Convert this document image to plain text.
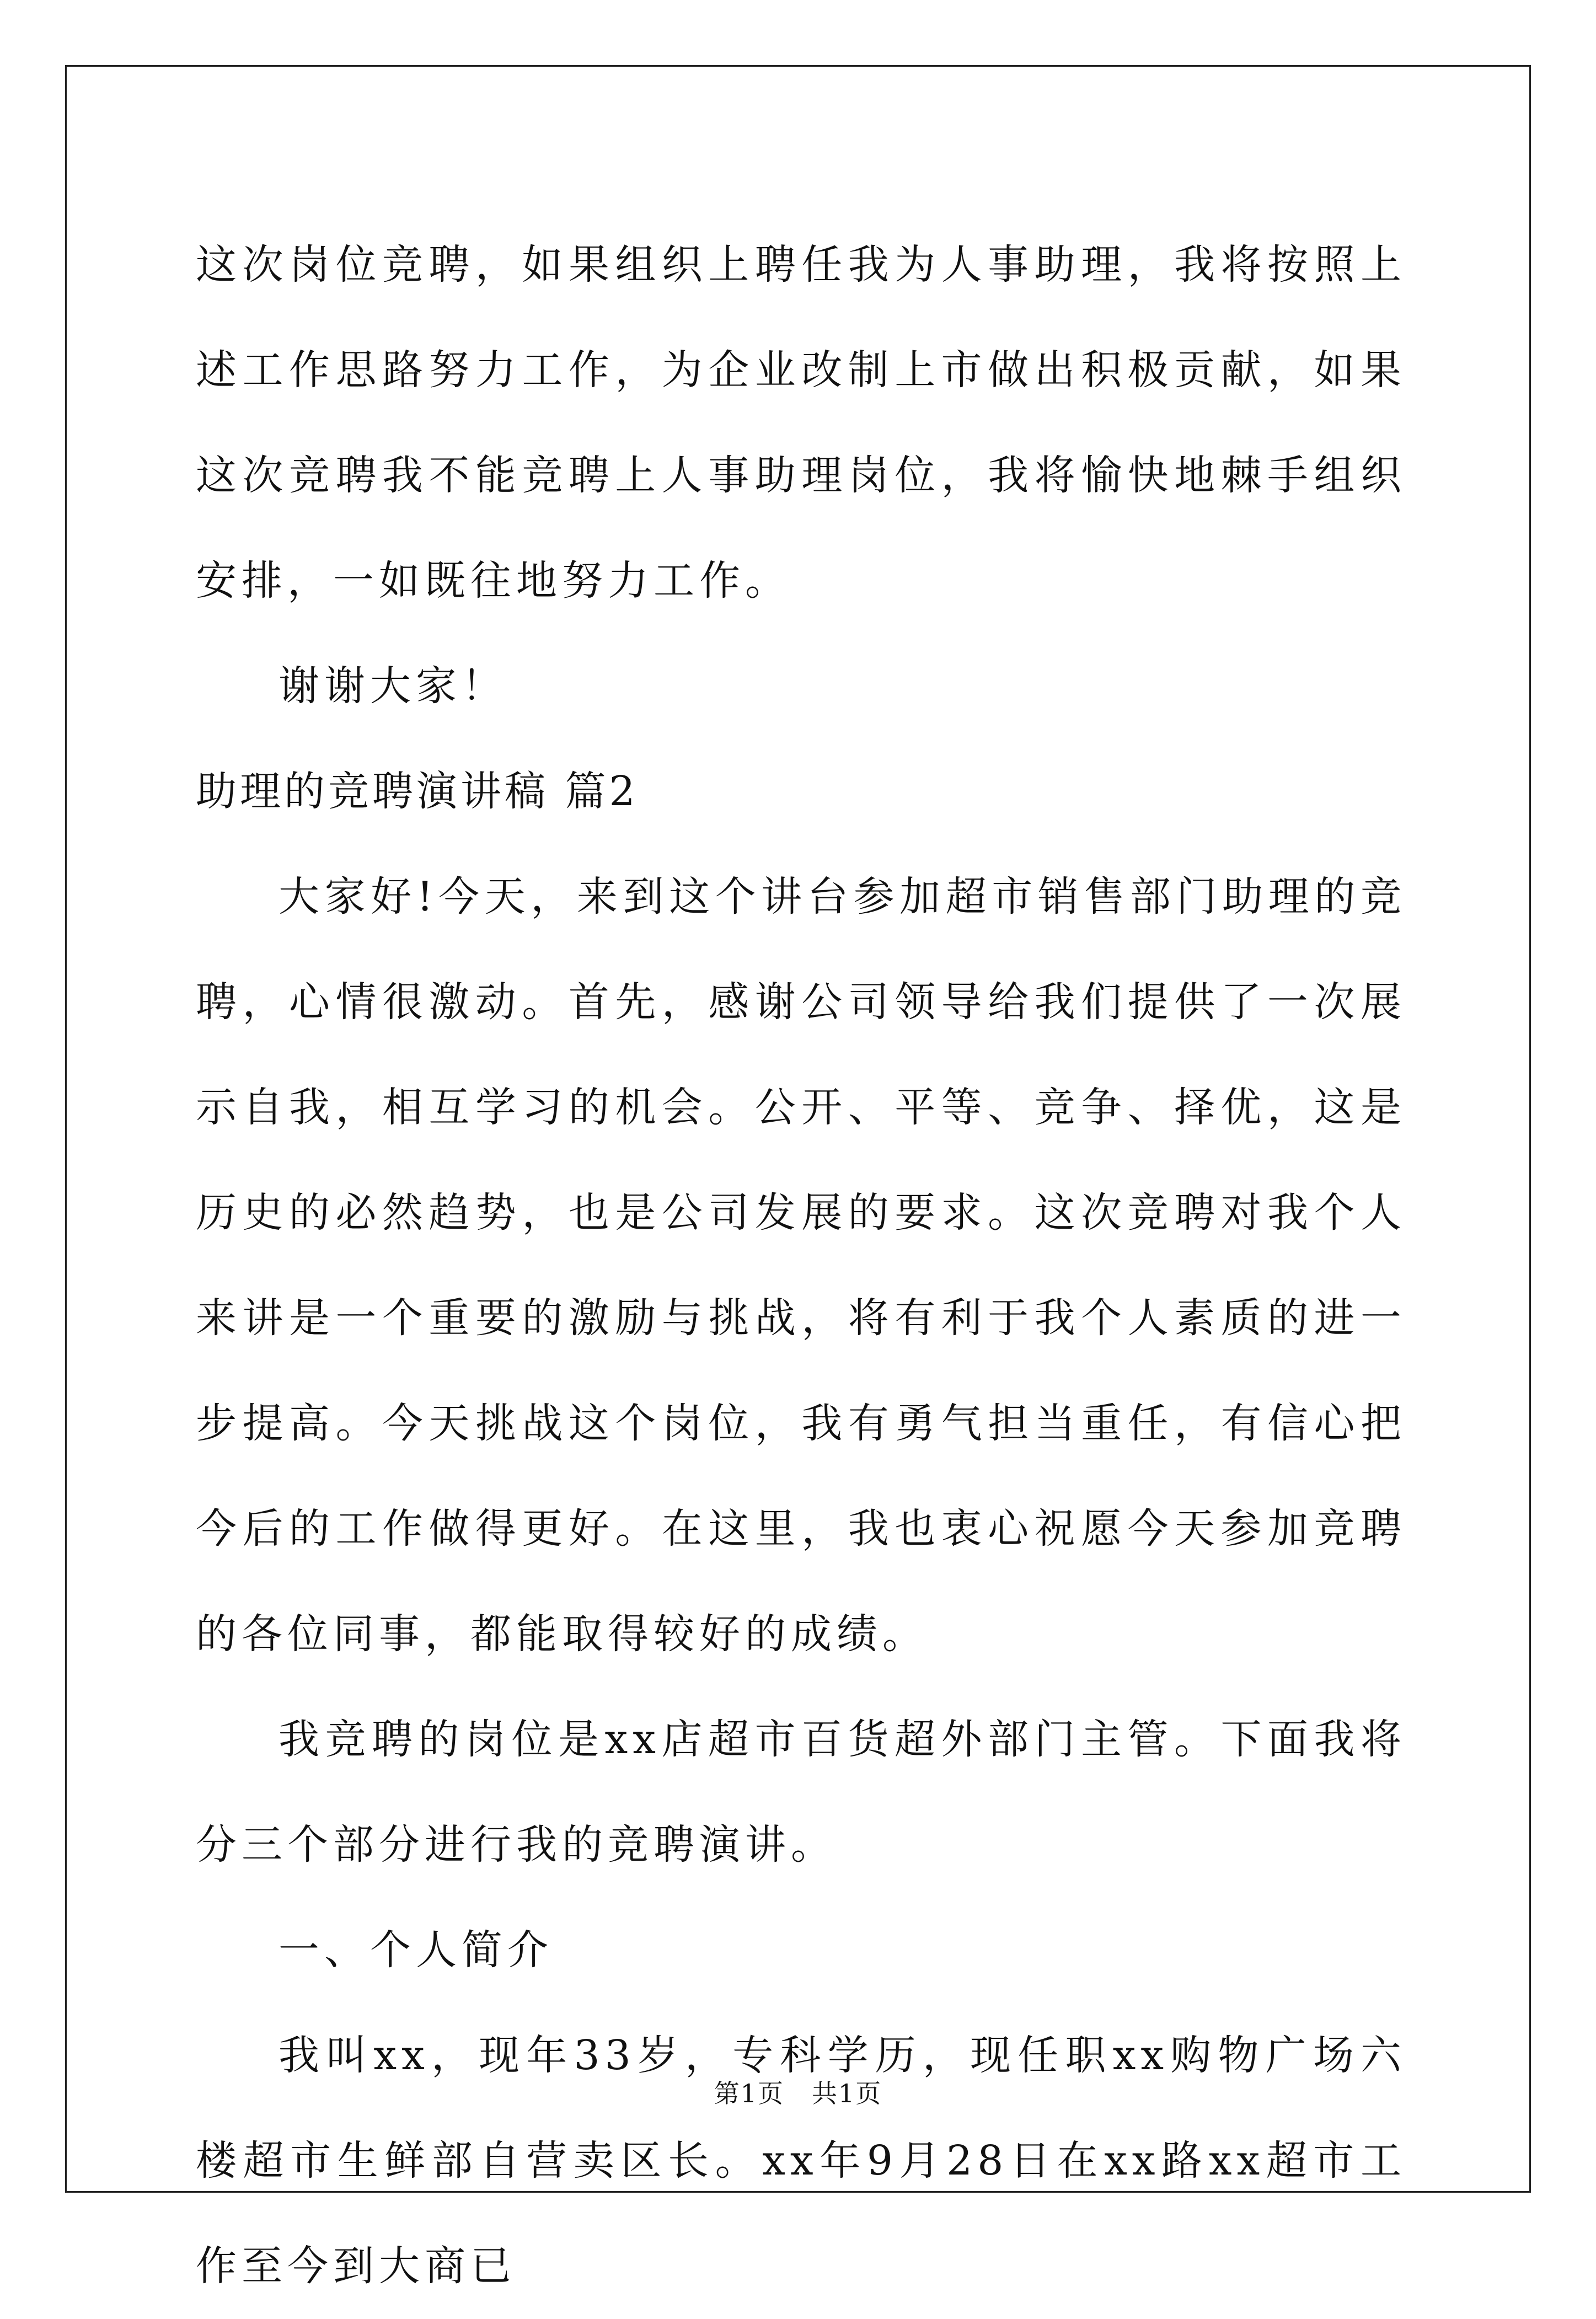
这次岗位竞聘，如果组织上聘任我为人事助理，我将按照上述工作思路努力工作，为企业改制上市做出积极贡献，如果这次竞聘我不能竞聘上人事助理岗位，我将愉快地棘手组织安排，一如既往地努力工作。

谢谢大家！

助理的竞聘演讲稿 篇2

大家好!今天，来到这个讲台参加超市销售部门助理的竞聘，心情很激动。首先，感谢公司领导给我们提供了一次展示自我，相互学习的机会。公开、平等、竞争、择优，这是历史的必然趋势，也是公司发展的要求。这次竞聘对我个人来讲是一个重要的激励与挑战，将有利于我个人素质的进一步提高。今天挑战这个岗位，我有勇气担当重任，有信心把今后的工作做得更好。在这里，我也衷心祝愿今天参加竞聘的各位同事，都能取得较好的成绩。

我竞聘的岗位是xx店超市百货超外部门主管。下面我将分三个部分进行我的竞聘演讲。

一、个人简介

我叫xx，现年33岁，专科学历，现任职xx购物广场六楼超市生鲜部自营卖区长。xx年9月28日在xx路xx超市工作至今到大商已

第1页 共1页
